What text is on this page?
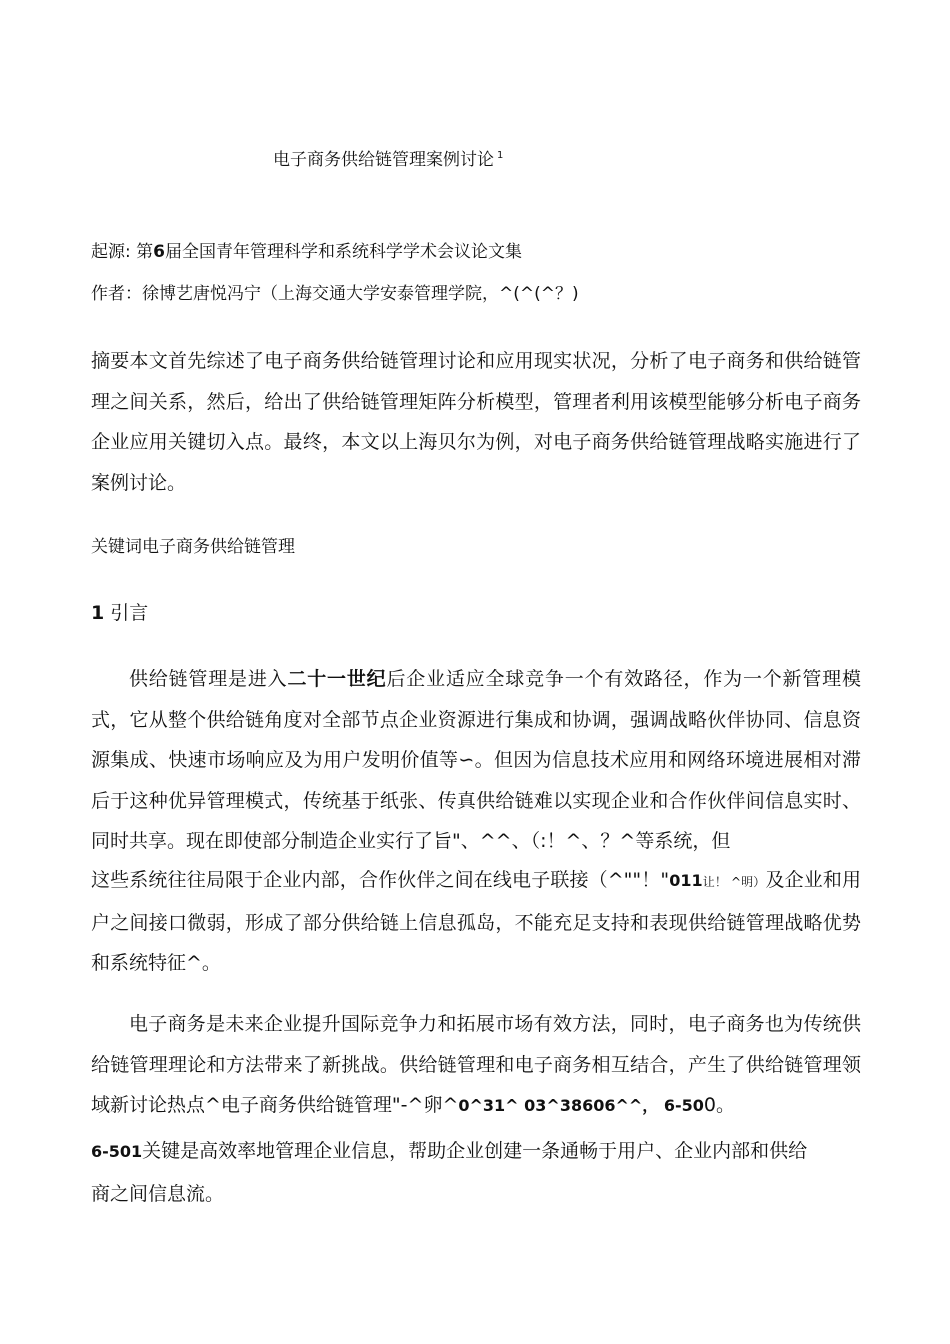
电子商务供给链管理案例讨论 $^1$
起源: 第6届全国青年管理科学和系统科学学术会议论文集
作者：徐博艺唐悦冯宁（上海交通大学安泰管理学院，^(^(^？)
摘要本文首先综述了电子商务供给链管理讨论和应用现实状况，分析了电子商务和供给链管理之间关系，然后，给出了供给链管理矩阵分析模型，管理者利用该模型能够分析电子商务企业应用关键切入点。最终，本文以上海贝尔为例，对电子商务供给链管理战略实施进行了案例讨论。
关键词电子商务供给链管理
1 引言
供给链管理是进入二十一世纪后企业适应全球竞争一个有效路径，作为一个新管理模式，它从整个供给链角度对全部节点企业资源进行集成和协调，强调战略伙伴协同、信息资源集成、快速市场响应及为用户发明价值等∽。但因为信息技术应用和网络环境进展相对滞后于这种优异管理模式，传统基于纸张、传真供给链难以实现企业和合作伙伴间信息实时、同时共享。现在即使部分制造企业实行了旨"、^^、（:！^、？^等系统，但
这些系统往往局限于企业内部，合作伙伴之间在线电子联接（^""！"011让！ ^明）及企业和用户之间接口微弱，形成了部分供给链上信息孤岛，不能充足支持和表现供给链管理战略优势和系统特征^。
电子商务是未来企业提升国际竞争力和拓展市场有效方法，同时，电子商务也为传统供给链管理理论和方法带来了新挑战。供给链管理和电子商务相互结合，产生了供给链管理领域新讨论热点^电子商务供给链管理"-^卵^0^31^ 03^38606^^， 6-500。
6-501关键是高效率地管理企业信息，帮助企业创建一条通畅于用户、企业内部和供给
商之间信息流。
